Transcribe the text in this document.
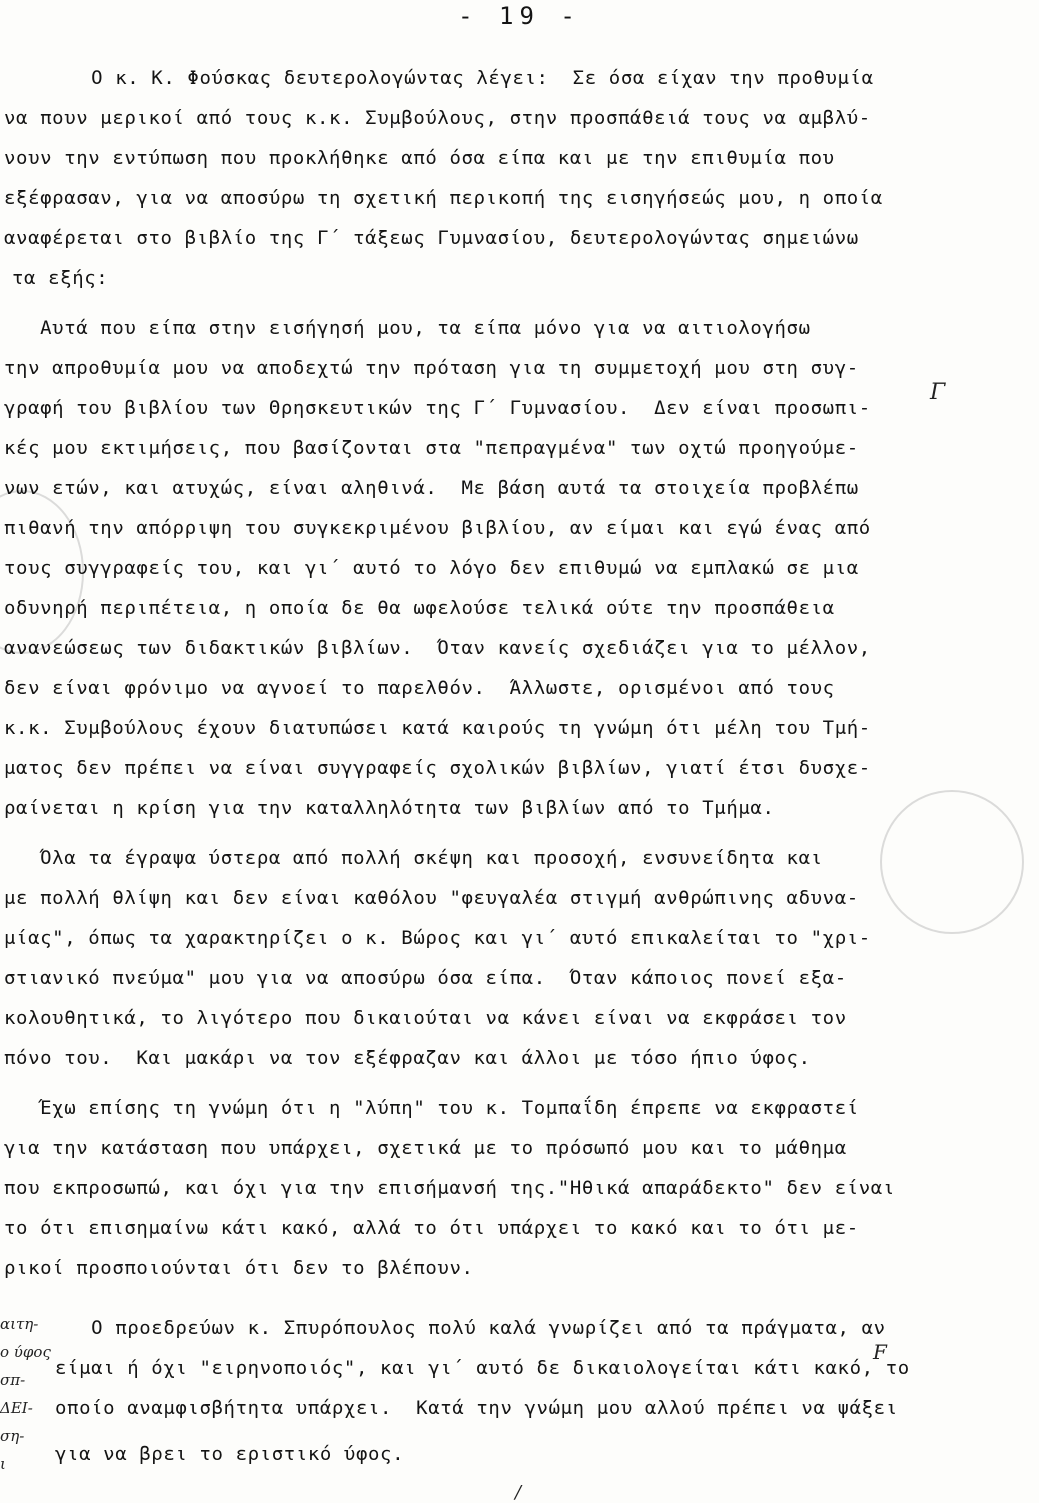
- 19 -
Ο κ. Κ. Φούσκας δευτερολογώντας λέγει:  Σε όσα είχαν την προθυμία
να πουν μερικοί από τους κ.κ. Συμβούλους, στην προσπάθειά τους να αμβλύ-
νουν την εντύπωση που προκλήθηκε από όσα είπα και με την επιθυμία που
εξέφρασαν, για να αποσύρω τη σχετική περικοπή της εισηγήσεώς μου, η οποία
αναφέρεται στο βιβλίο της Γ΄ τάξεως Γυμνασίου, δευτερολογώντας σημειώνω
τα εξής:
Αυτά που είπα στην εισήγησή μου, τα είπα μόνο για να αιτιολογήσω
την απροθυμία μου να αποδεχτώ την πρόταση για τη συμμετοχή μου στη συγ-
γραφή του βιβλίου των Θρησκευτικών της Γ΄ Γυμνασίου.  Δεν είναι προσωπι-
κές μου εκτιμήσεις, που βασίζονται στα "πεπραγμένα" των οχτώ προηγούμε-
νων ετών, και ατυχώς, είναι αληθινά.  Με βάση αυτά τα στοιχεία προβλέπω
πιθανή την απόρριψη του συγκεκριμένου βιβλίου, αν είμαι και εγώ ένας από
τους συγγραφείς του, και γι΄ αυτό το λόγο δεν επιθυμώ να εμπλακώ σε μια
οδυνηρή περιπέτεια, η οποία δε θα ωφελούσε τελικά ούτε την προσπάθεια
ανανεώσεως των διδακτικών βιβλίων.  Όταν κανείς σχεδιάζει για το μέλλον,
δεν είναι φρόνιμο να αγνοεί το παρελθόν.  Άλλωστε, ορισμένοι από τους
κ.κ. Συμβούλους έχουν διατυπώσει κατά καιρούς τη γνώμη ότι μέλη του Τμή-
ματος δεν πρέπει να είναι συγγραφείς σχολικών βιβλίων, γιατί έτσι δυσχε-
ραίνεται η κρίση για την καταλληλότητα των βιβλίων από το Τμήμα.
Όλα τα έγραψα ύστερα από πολλή σκέψη και προσοχή, ενσυνείδητα και
με πολλή θλίψη και δεν είναι καθόλου "φευγαλέα στιγμή ανθρώπινης αδυνα-
μίας", όπως τα χαρακτηρίζει ο κ. Βώρος και γι΄ αυτό επικαλείται το "χρι-
στιανικό πνεύμα" μου για να αποσύρω όσα είπα.  Όταν κάποιος πονεί εξα-
κολουθητικά, το λιγότερο που δικαιούται να κάνει είναι να εκφράσει τον
πόνο του.  Και μακάρι να τον εξέφραζαν και άλλοι με τόσο ήπιο ύφος.
Έχω επίσης τη γνώμη ότι η "λύπη" του κ. Τομπαΐδη έπρεπε να εκφραστεί
για την κατάσταση που υπάρχει, σχετικά με το πρόσωπό μου και το μάθημα
που εκπροσωπώ, και όχι για την επισήμανσή της."Ηθικά απαράδεκτο" δεν είναι
το ότι επισημαίνω κάτι κακό, αλλά το ότι υπάρχει το κακό και το ότι με-
ρικοί προσποιούνται ότι δεν το βλέπουν.
Ο προεδρεύων κ. Σπυρόπουλος πολύ καλά γνωρίζει από τα πράγματα, αν
είμαι ή όχι "ειρηνοποιός", και γι΄ αυτό δε δικαιολογείται κάτι κακό, το
οποίο αναμφισβήτητα υπάρχει.  Κατά την γνώμη μου αλλού πρέπει να ψάξει
για να βρει το εριστικό ύφος.
αιτη-
ο ύφος
σπ-
ΔΕΙ-
ση-
ι
Γ
F
/
